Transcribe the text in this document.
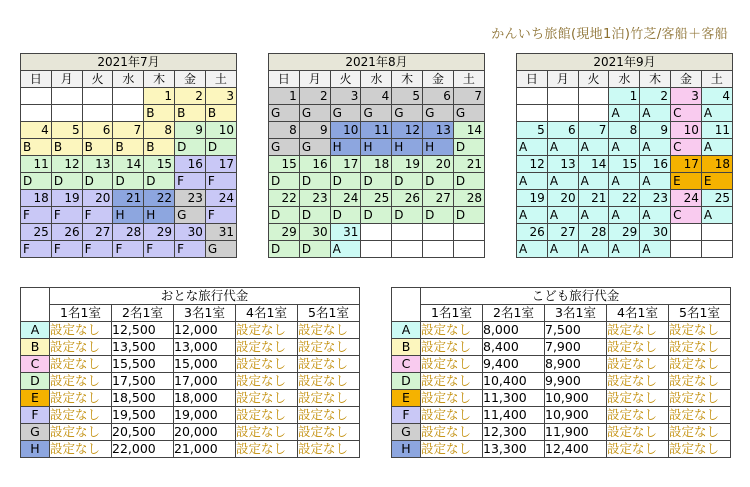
かんいち旅館(現地1泊)竹芝/客船＋客船
2021年7月						
日	月	火	水	木	金	土
				1	2	3
				B	B	B
4	5	6	7	8	9	10
B	B	B	B	B	D	D
11	12	13	14	15	16	17
D	D	D	D	D	F	F
18	19	20	21	22	23	24
F	F	F	H	H	G	F
25	26	27	28	29	30	31
F	F	F	F	F	F	G
2021年8月						
日	月	火	水	木	金	土
1	2	3	4	5	6	7
G	G	G	G	G	G	G
8	9	10	11	12	13	14
G	G	H	H	H	H	D
15	16	17	18	19	20	21
D	D	D	D	D	D	D
22	23	24	25	26	27	28
D	D	D	D	D	D	D
29	30	31				
D	D	A				
2021年9月						
日	月	火	水	木	金	土
			1	2	3	4
			A	A	C	A
5	6	7	8	9	10	11
A	A	A	A	A	C	A
12	13	14	15	16	17	18
A	A	A	A	A	E	E
19	20	21	22	23	24	25
A	A	A	A	A	C	A
26	27	28	29	30		
A	A	A	A	A		
	おとな旅行代金				
	1名1室	2名1室	3名1室	4名1室	5名1室
A	設定なし	12,500	12,000	設定なし	設定なし
B	設定なし	13,500	13,000	設定なし	設定なし
C	設定なし	15,500	15,000	設定なし	設定なし
D	設定なし	17,500	17,000	設定なし	設定なし
E	設定なし	18,500	18,000	設定なし	設定なし
F	設定なし	19,500	19,000	設定なし	設定なし
G	設定なし	20,500	20,000	設定なし	設定なし
H	設定なし	22,000	21,000	設定なし	設定なし
	こども旅行代金				
	1名1室	2名1室	3名1室	4名1室	5名1室
A	設定なし	8,000	7,500	設定なし	設定なし
B	設定なし	8,400	7,900	設定なし	設定なし
C	設定なし	9,400	8,900	設定なし	設定なし
D	設定なし	10,400	9,900	設定なし	設定なし
E	設定なし	11,300	10,900	設定なし	設定なし
F	設定なし	11,400	10,900	設定なし	設定なし
G	設定なし	12,300	11,900	設定なし	設定なし
H	設定なし	13,300	12,400	設定なし	設定なし
